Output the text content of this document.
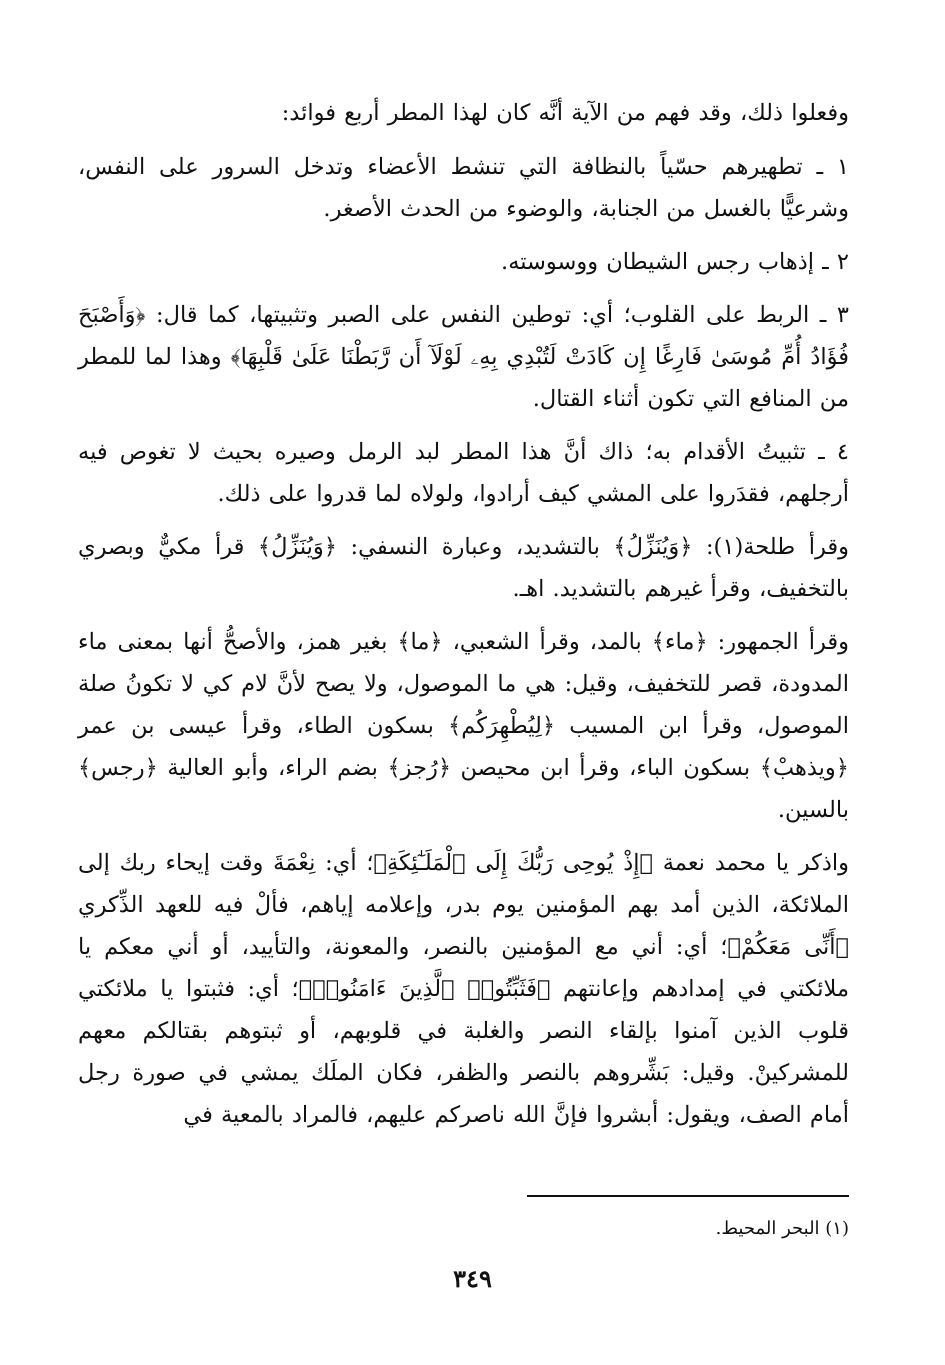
وفعلوا ذلك، وقد فهم من الآية أنَّه كان لهذا المطر أربع فوائد:

١ ـ تطهيرهم حسّياً بالنظافة التي تنشط الأعضاء وتدخل السرور على النفس، وشرعيًّا بالغسل من الجنابة، والوضوء من الحدث الأصغر.

٢ ـ إذهاب رجس الشيطان ووسوسته.

٣ ـ الربط على القلوب؛ أي: توطين النفس على الصبر وتثبيتها، كما قال: ﴿وَأَصْبَحَ فُؤَادُ أُمِّ مُوسَىٰ فَارِغًا إِن كَادَتْ لَتُبْدِي بِهِۦ لَوْلَآ أَن رَّبَطْنَا عَلَىٰ قَلْبِهَا﴾ وهذا لما للمطر من المنافع التي تكون أثناء القتال.

٤ ـ تثبيتُ الأقدام به؛ ذاك أنَّ هذا المطر لبد الرمل وصيره بحيث لا تغوص فيه أرجلهم، فقدَروا على المشي كيف أرادوا، ولولاه لما قدروا على ذلك.

وقرأ طلحة(١): ﴿وَيُنَزِّلُ﴾ بالتشديد، وعبارة النسفي: ﴿وَيُنَزِّلُ﴾ قرأ مكيٌّ وبصري بالتخفيف، وقرأ غيرهم بالتشديد. اهـ.

وقرأ الجمهور: ﴿ماء﴾ بالمد، وقرأ الشعبي، ﴿ما﴾ بغير همز، والأصحُّ أنها بمعنى ماء المدودة، قصر للتخفيف، وقيل: هي ما الموصول، ولا يصح لأنَّ لام كي لا تكونُ صلة الموصول، وقرأ ابن المسيب ﴿لِيُطْهِرَكُم﴾ بسكون الطاء، وقرأ عيسى بن عمر ﴿ويذهبْ﴾ بسكون الباء، وقرأ ابن محيصن ﴿رُجز﴾ بضم الراء، وأبو العالية ﴿رجس﴾ بالسين.

واذكر يا محمد نعمة ﴿إِذْ يُوحِى رَبُّكَ إِلَى ٱلْمَلَـٰٓئِكَةِ﴾؛ أي: نِعْمَةَ وقت إيحاء ربك إلى الملائكة، الذين أمد بهم المؤمنين يوم بدر، وإعلامه إياهم، فألْ فيه للعهد الذِّكري ﴿أَنِّى مَعَكُمْ﴾؛ أي: أني مع المؤمنين بالنصر، والمعونة، والتأييد، أو أني معكم يا ملائكتي في إمدادهم وإعانتهم ﴿فَثَبِّتُوا۟ ٱلَّذِينَ ءَامَنُوا۟﴾؛ أي: فثبتوا يا ملائكتي قلوب الذين آمنوا بإلقاء النصر والغلبة في قلوبهم، أو ثبتوهم بقتالكم معهم للمشركينْ. وقيل: بَشِّروهم بالنصر والظفر، فكان الملَك يمشي في صورة رجل أمام الصف، ويقول: أبشروا فإنَّ الله ناصركم عليهم، فالمراد بالمعية في

(١) البحر المحيط.
٣٤٩
